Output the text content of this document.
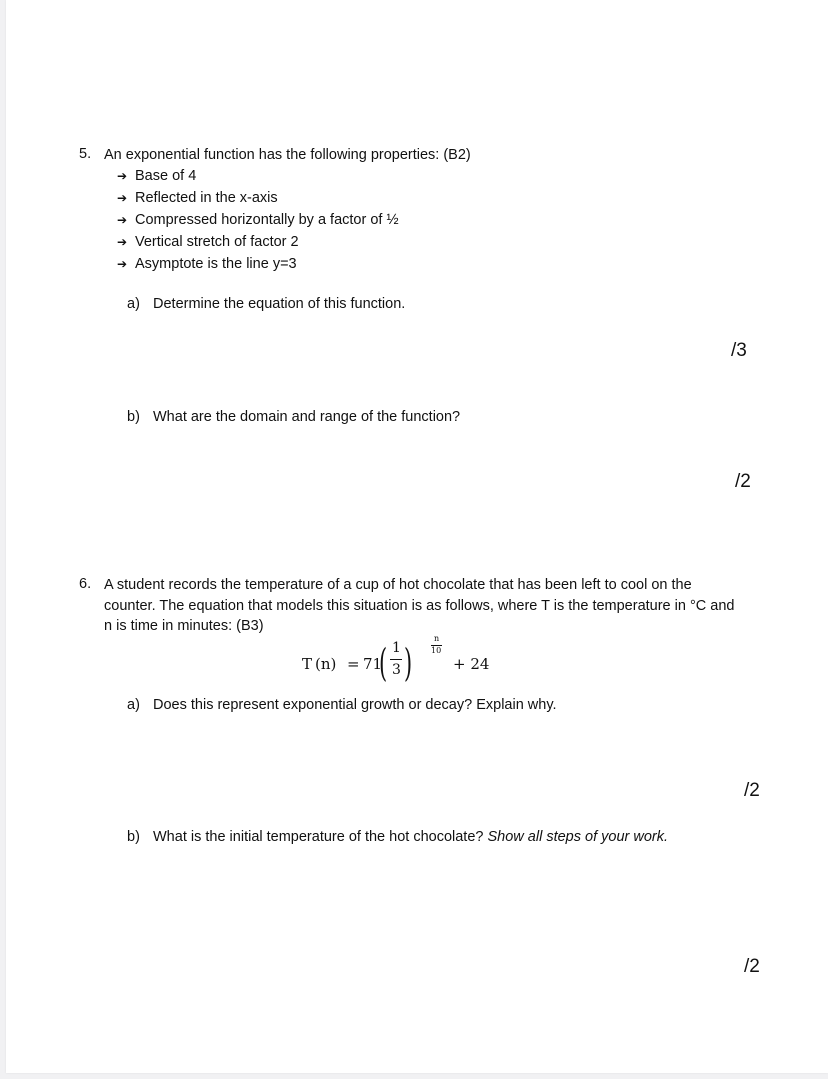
5. An exponential function has the following properties: (B2)
➔ Base of 4
➔ Reflected in the x-axis
➔ Compressed horizontally by a factor of ½
➔ Vertical stretch of factor 2
➔ Asymptote is the line y=3
a) Determine the equation of this function.
/3
b) What are the domain and range of the function?
/2
6. A student records the temperature of a cup of hot chocolate that has been left to cool on the
counter. The equation that models this situation is as follows, where T is the temperature in °C and
n is time in minutes: (B3)
T (n) = 71
( 1
3 )
n
10
+ 24
a) Does this represent exponential growth or decay? Explain why.
/2
b) What is the initial temperature of the hot chocolate? Show all steps of your work.
/2
